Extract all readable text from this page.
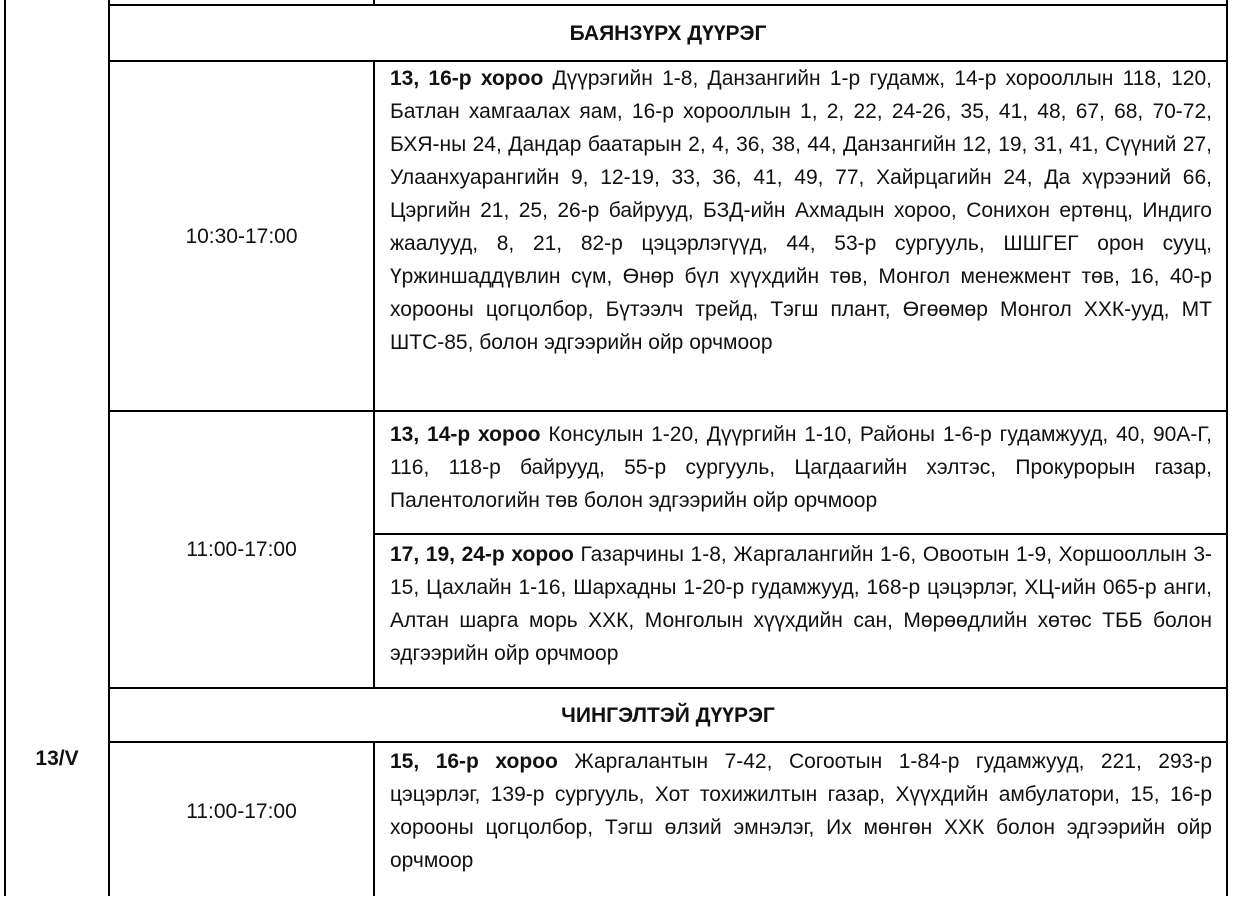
13/V
БАЯНЗҮРХ ДҮҮРЭГ
10:30-17:00
13, 16-р хороо Дүүрэгийн 1-8, Данзангийн 1-р гудамж, 14-р хорооллын 118, 120, Батлан хамгаалах яам, 16-р хорооллын 1, 2, 22, 24-26, 35, 41, 48, 67, 68, 70-72, БХЯ-ны 24, Дандар баатарын 2, 4, 36, 38, 44, Данзангийн 12, 19, 31, 41, Сүүний 27, Улаанхуарангийн 9, 12-19, 33, 36, 41, 49, 77, Хайрцагийн 24, Да хүрээний 66, Цэргийн 21, 25, 26-р байрууд, БЗД-ийн Ахмадын хороо, Сонихон ертөнц, Индиго жаалууд, 8, 21, 82-р цэцэрлэгүүд, 44, 53-р сургууль, ШШГЕГ орон сууц, Үржиншаддүвлин сүм, Өнөр бүл хүүхдийн төв, Монгол менежмент төв, 16, 40-р хорооны цогцолбор, Бүтээлч трейд, Тэгш плант, Өгөөмөр Монгол ХХК-ууд, МТ ШТС-85, болон эдгээрийн ойр орчмоор
11:00-17:00
13, 14-р хороо Консулын 1-20, Дүүргийн 1-10, Районы 1-6-р гудамжууд, 40, 90А-Г, 116, 118-р байрууд, 55-р сургууль, Цагдаагийн хэлтэс, Прокурорын газар, Палентологийн төв болон эдгээрийн ойр орчмоор
17, 19, 24-р хороо Газарчины 1-8, Жаргалангийн 1-6, Овоотын 1-9, Хоршооллын 3-15, Цахлайн 1-16, Шархадны 1-20-р гудамжууд, 168-р цэцэрлэг, ХЦ-ийн 065-р анги, Алтан шарга морь ХХК, Монголын хүүхдийн сан, Мөрөөдлийн хөтөс ТББ болон эдгээрийн ойр орчмоор
ЧИНГЭЛТЭЙ ДҮҮРЭГ
11:00-17:00
15, 16-р хороо Жаргалантын 7-42, Согоотын 1-84-р гудамжууд, 221, 293-р цэцэрлэг, 139-р сургууль, Хот тохижилтын газар, Хүүхдийн амбулатори, 15, 16-р хорооны цогцолбор, Тэгш өлзий эмнэлэг, Их мөнгөн ХХК болон эдгээрийн ойр орчмоор
